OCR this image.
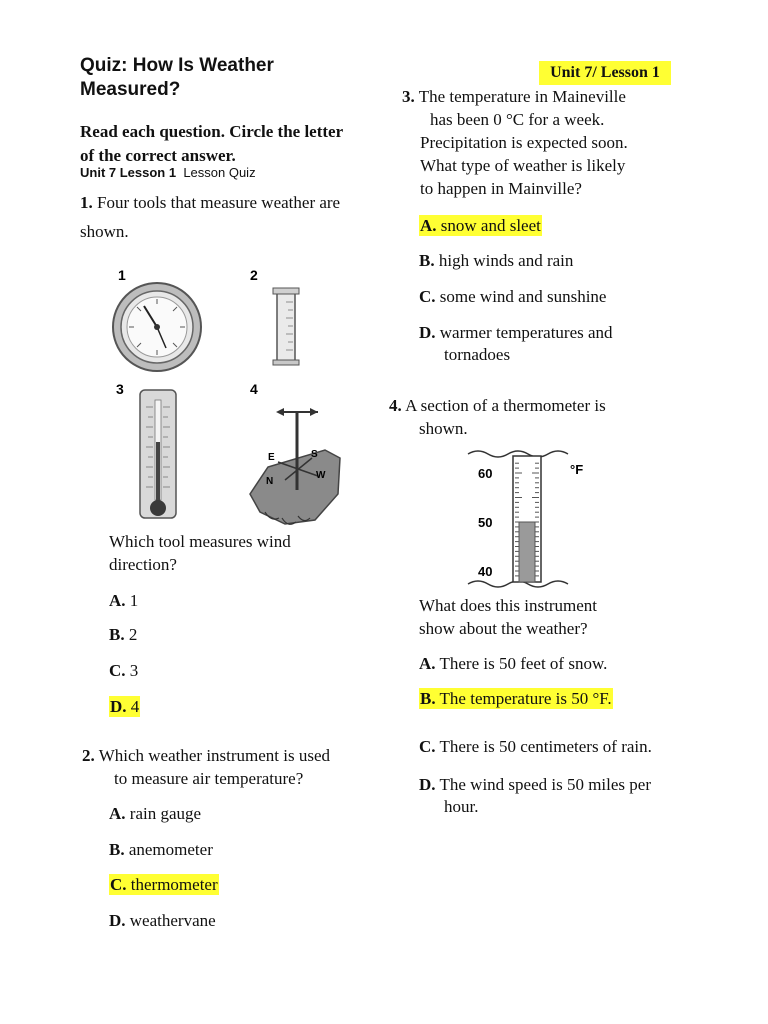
Quiz: How Is Weather
Measured?
Read each question. Circle the letter
of the correct answer.
Unit 7 Lesson 1 Lesson Quiz
Unit 7/ Lesson 1
1. Four tools that measure weather are
shown.
1	2
3	4
E	S
W
N
Which tool measures wind
direction?
A. 1
B. 2
C. 3
D. 4
2. Which weather instrument is used
to measure air temperature?
A. rain gauge
B. anemometer
C. thermometer
D. weathervane
3. The temperature in Maineville
has been 0 °C for a week.
Precipitation is expected soon.
What type of weather is likely
to happen in Mainville?
A. snow and sleet
B. high winds and rain
C. some wind and sunshine
D. warmer temperatures and
tornadoes
4. A section of a thermometer is
shown.
60
50
40
°F
What does this instrument
show about the weather?
A. There is 50 feet of snow.
B. The temperature is 50 °F.
C. There is 50 centimeters of rain.
D. The wind speed is 50 miles per
hour.
